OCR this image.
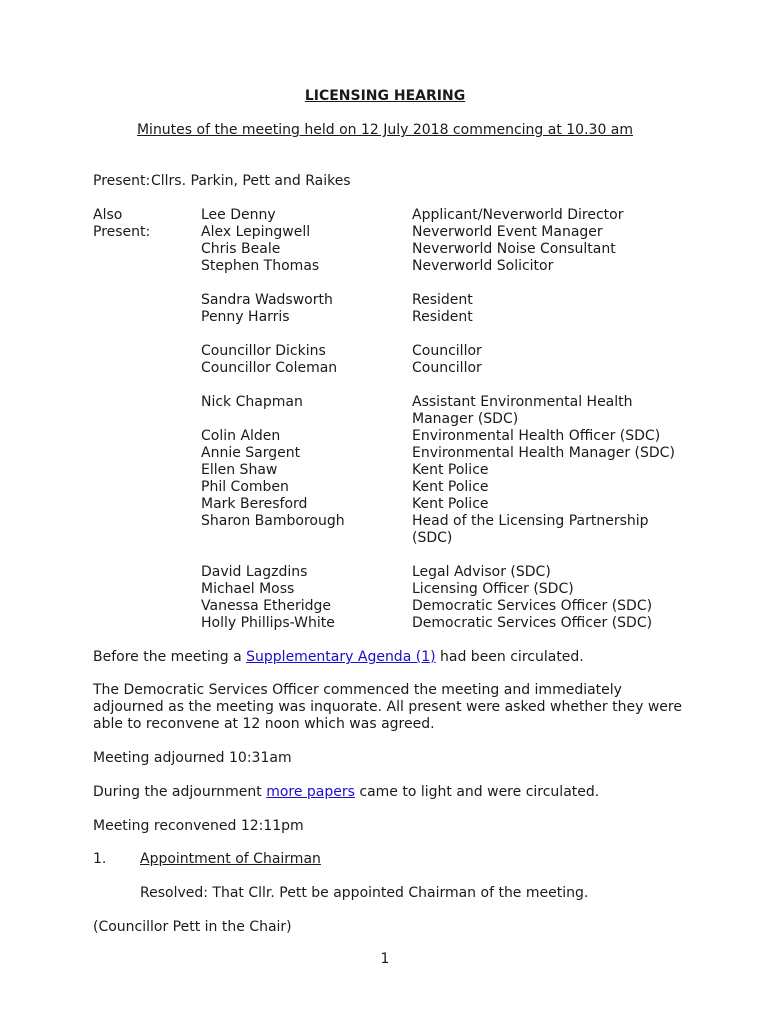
LICENSING HEARING
Minutes of the meeting held on 12 July 2018 commencing at 10.30 am
Present: Cllrs. Parkin, Pett and Raikes
Also
Present:
Lee Denny	Applicant/Neverworld Director
Alex Lepingwell	Neverworld Event Manager
Chris Beale	Neverworld Noise Consultant
Stephen Thomas	Neverworld Solicitor
Sandra Wadsworth	Resident
Penny Harris	Resident
Councillor Dickins	Councillor
Councillor Coleman	Councillor
Nick Chapman	Assistant Environmental Health
Manager (SDC)
Colin Alden	Environmental Health Officer (SDC)
Annie Sargent	Environmental Health Manager (SDC)
Ellen Shaw	Kent Police
Phil Comben	Kent Police
Mark Beresford	Kent Police
Sharon Bamborough	Head of the Licensing Partnership
(SDC)
David Lagzdins	Legal Advisor (SDC)
Michael Moss	Licensing Officer (SDC)
Vanessa Etheridge	Democratic Services Officer (SDC)
Holly Phillips-White	Democratic Services Officer (SDC)
Before the meeting a Supplementary Agenda (1) had been circulated.
The Democratic Services Officer commenced the meeting and immediately adjourned as the meeting was inquorate. All present were asked whether they were able to reconvene at 12 noon which was agreed.
Meeting adjourned 10:31am
During the adjournment more papers came to light and were circulated.
Meeting reconvened 12:11pm
1. Appointment of Chairman
Resolved: That Cllr. Pett be appointed Chairman of the meeting.
(Councillor Pett in the Chair)
1
